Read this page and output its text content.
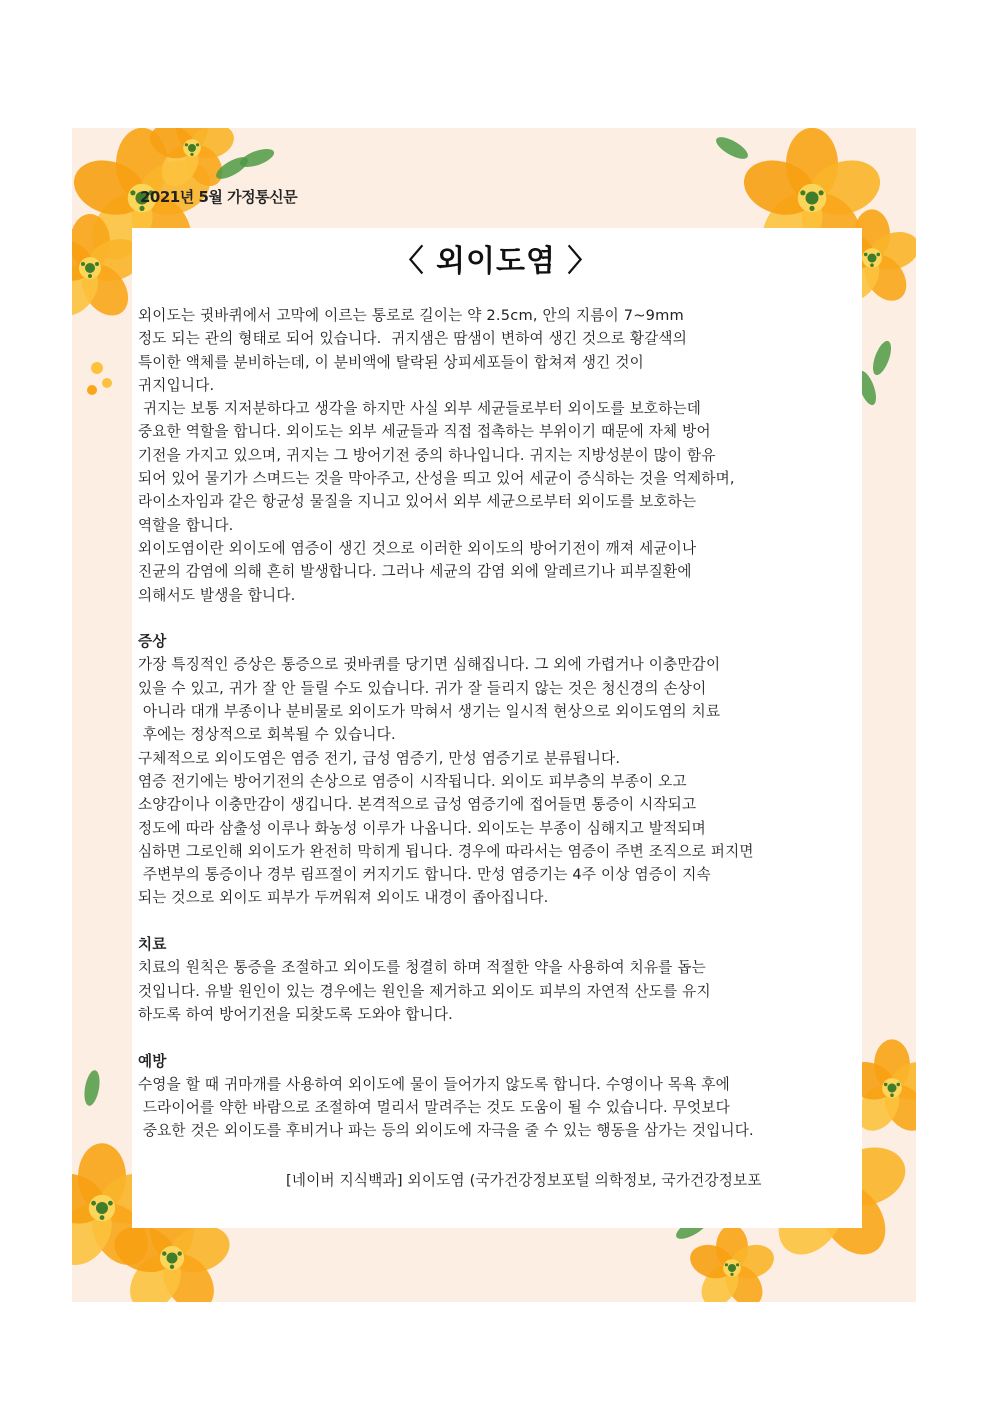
2021년 5월 가정통신문
〈 외이도염 〉
외이도는 귓바퀴에서 고막에 이르는 통로로 길이는 약 2.5cm, 안의 지름이 7~9mm
정도 되는 관의 형태로 되어 있습니다.  귀지샘은 땀샘이 변하여 생긴 것으로 황갈색의
특이한 액체를 분비하는데, 이 분비액에 탈락된 상피세포들이 합쳐져 생긴 것이
귀지입니다.
귀지는 보통 지저분하다고 생각을 하지만 사실 외부 세균들로부터 외이도를 보호하는데
중요한 역할을 합니다. 외이도는 외부 세균들과 직접 접촉하는 부위이기 때문에 자체 방어
기전을 가지고 있으며, 귀지는 그 방어기전 중의 하나입니다. 귀지는 지방성분이 많이 함유
되어 있어 물기가 스며드는 것을 막아주고, 산성을 띄고 있어 세균이 증식하는 것을 억제하며,
라이소자임과 같은 항균성 물질을 지니고 있어서 외부 세균으로부터 외이도를 보호하는
역할을 합니다.
외이도염이란 외이도에 염증이 생긴 것으로 이러한 외이도의 방어기전이 깨져 세균이나
진균의 감염에 의해 흔히 발생합니다. 그러나 세균의 감염 외에 알레르기나 피부질환에
의해서도 발생을 합니다.
증상
가장 특징적인 증상은 통증으로 귓바퀴를 당기면 심해집니다. 그 외에 가렵거나 이충만감이
있을 수 있고, 귀가 잘 안 들릴 수도 있습니다. 귀가 잘 들리지 않는 것은 청신경의 손상이
아니라 대개 부종이나 분비물로 외이도가 막혀서 생기는 일시적 현상으로 외이도염의 치료
후에는 정상적으로 회복될 수 있습니다.
구체적으로 외이도염은 염증 전기, 급성 염증기, 만성 염증기로 분류됩니다.
염증 전기에는 방어기전의 손상으로 염증이 시작됩니다. 외이도 피부층의 부종이 오고
소양감이나 이충만감이 생깁니다. 본격적으로 급성 염증기에 접어들면 통증이 시작되고
정도에 따라 삼출성 이루나 화농성 이루가 나옵니다. 외이도는 부종이 심해지고 발적되며
심하면 그로인해 외이도가 완전히 막히게 됩니다. 경우에 따라서는 염증이 주변 조직으로 퍼지면
주변부의 통증이나 경부 림프절이 커지기도 합니다. 만성 염증기는 4주 이상 염증이 지속
되는 것으로 외이도 피부가 두꺼워져 외이도 내경이 좁아집니다.
치료
치료의 원칙은 통증을 조절하고 외이도를 청결히 하며 적절한 약을 사용하여 치유를 돕는
것입니다. 유발 원인이 있는 경우에는 원인을 제거하고 외이도 피부의 자연적 산도를 유지
하도록 하여 방어기전을 되찾도록 도와야 합니다.
예방
수영을 할 때 귀마개를 사용하여 외이도에 물이 들어가지 않도록 합니다. 수영이나 목욕 후에
드라이어를 약한 바람으로 조절하여 멀리서 말려주는 것도 도움이 될 수 있습니다. 무엇보다
중요한 것은 외이도를 후비거나 파는 등의 외이도에 자극을 줄 수 있는 행동을 삼가는 것입니다.
[네이버 지식백과] 외이도염 (국가건강정보포털 의학정보, 국가건강정보포
